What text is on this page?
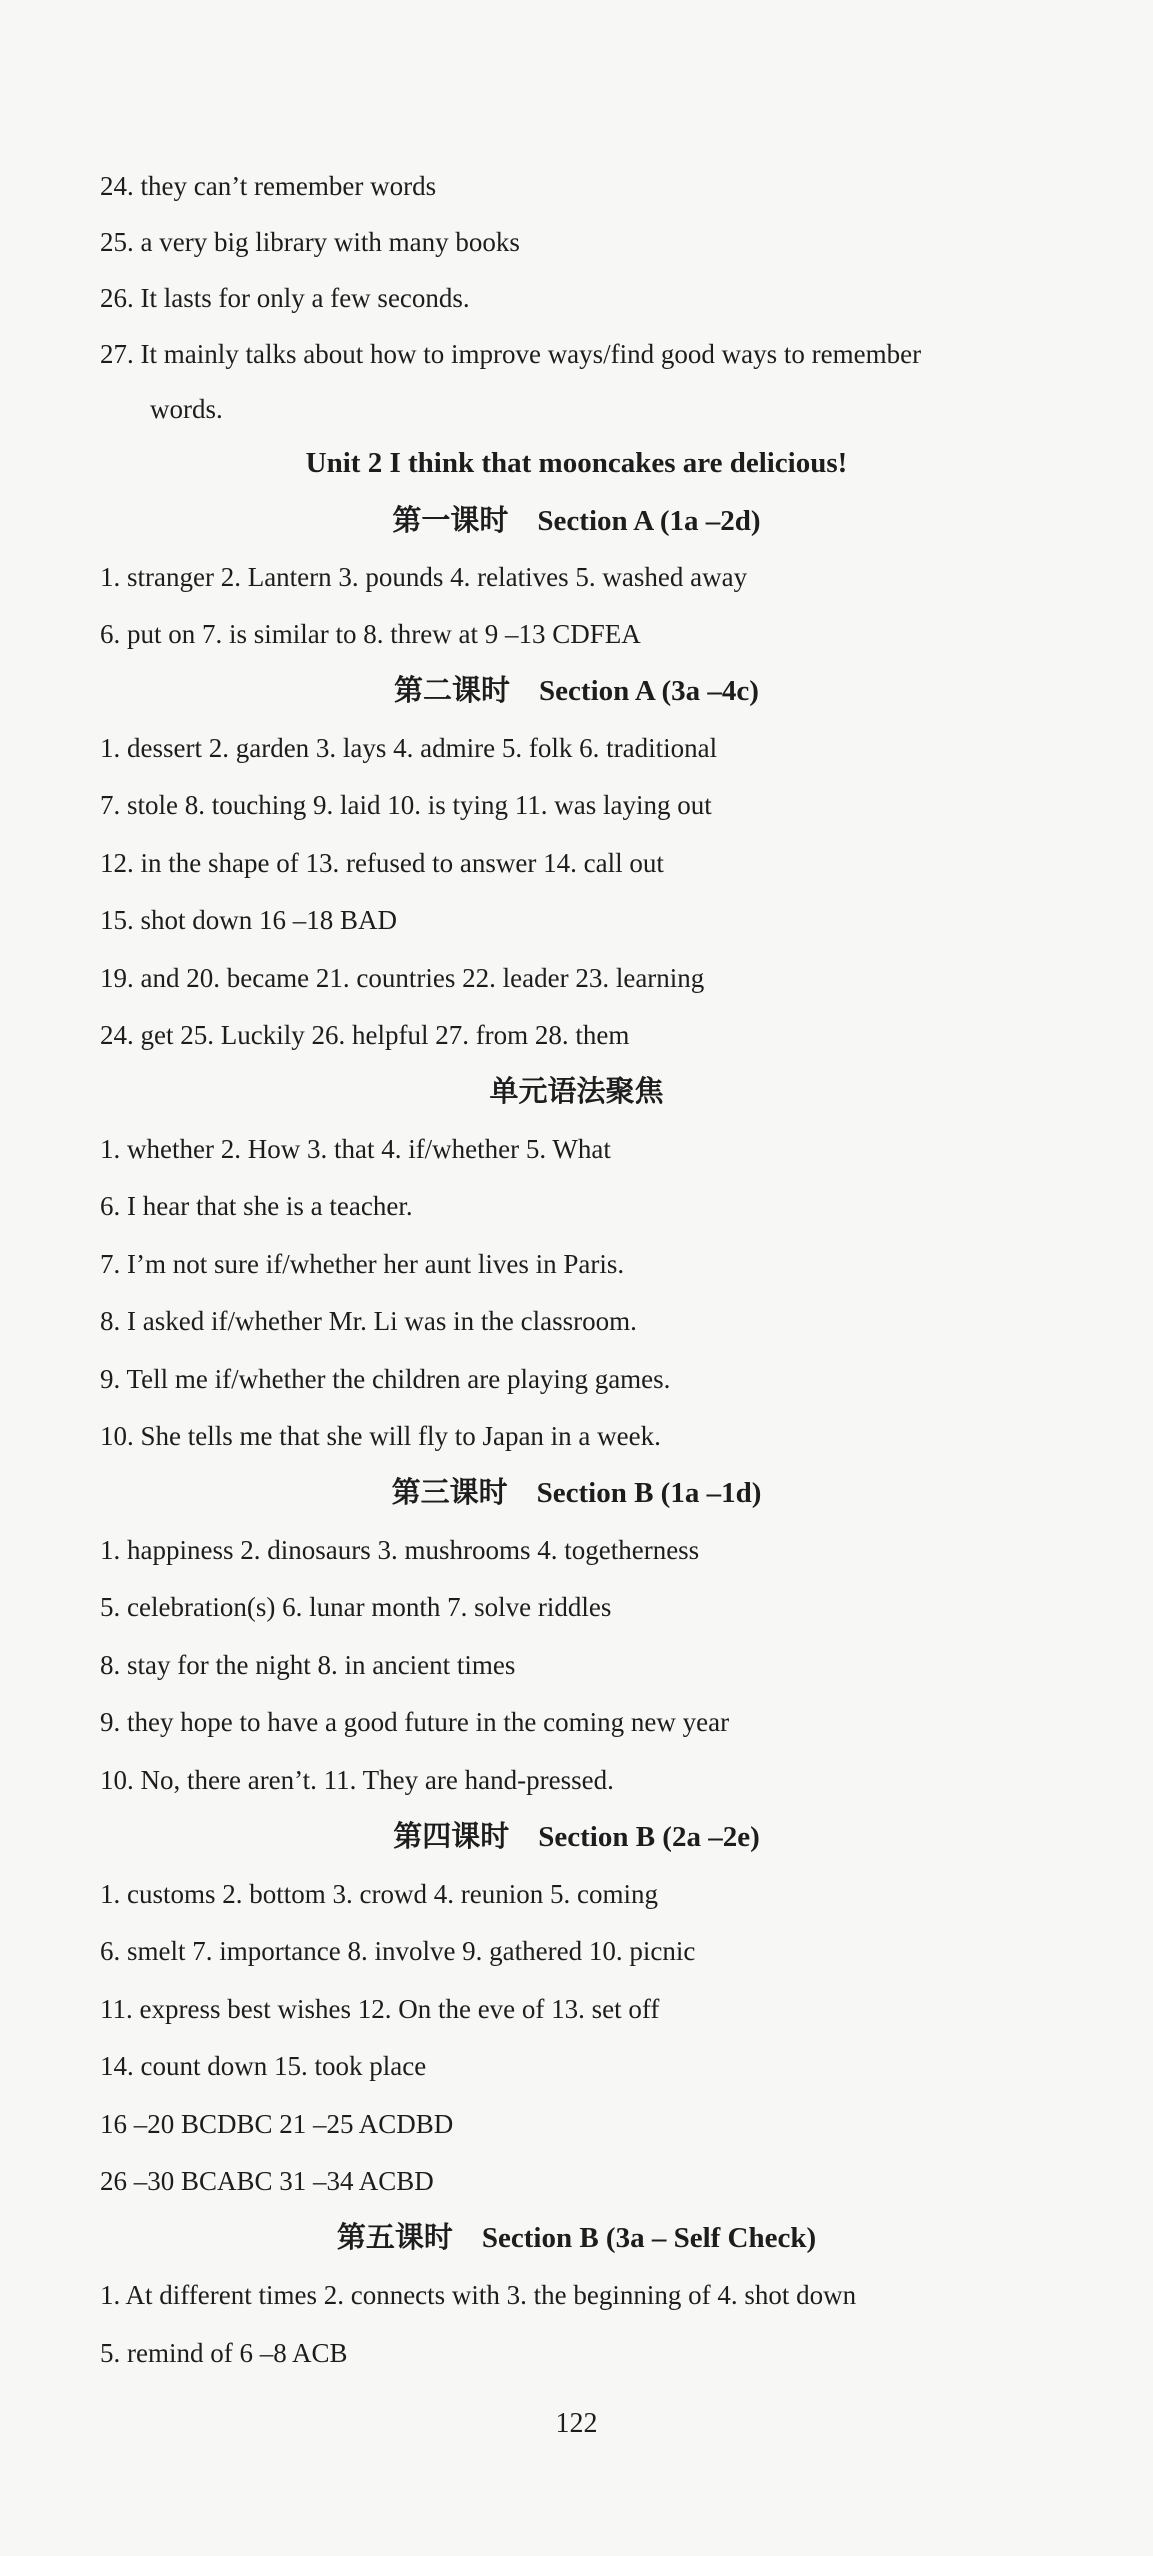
24. they can’t remember words
25. a very big library with many books
26. It lasts for only a few seconds.
27. It mainly talks about how to improve ways/find good ways to remember
words.
Unit 2 I think that mooncakes are delicious!
第一课时 Section A (1a –2d)
1. stranger 2. Lantern 3. pounds 4. relatives 5. washed away
6. put on 7. is similar to 8. threw at 9 –13 CDFEA
第二课时 Section A (3a –4c)
1. dessert 2. garden 3. lays 4. admire 5. folk 6. traditional
7. stole 8. touching 9. laid 10. is tying 11. was laying out
12. in the shape of 13. refused to answer 14. call out
15. shot down 16 –18 BAD
19. and 20. became 21. countries 22. leader 23. learning
24. get 25. Luckily 26. helpful 27. from 28. them
单元语法聚焦
1. whether 2. How 3. that 4. if/whether 5. What
6. I hear that she is a teacher.
7. I’m not sure if/whether her aunt lives in Paris.
8. I asked if/whether Mr. Li was in the classroom.
9. Tell me if/whether the children are playing games.
10. She tells me that she will fly to Japan in a week.
第三课时 Section B (1a –1d)
1. happiness 2. dinosaurs 3. mushrooms 4. togetherness
5. celebration(s) 6. lunar month 7. solve riddles
8. stay for the night 8. in ancient times
9. they hope to have a good future in the coming new year
10. No, there aren’t. 11. They are hand-pressed.
第四课时 Section B (2a –2e)
1. customs 2. bottom 3. crowd 4. reunion 5. coming
6. smelt 7. importance 8. involve 9. gathered 10. picnic
11. express best wishes 12. On the eve of 13. set off
14. count down 15. took place
16 –20 BCDBC 21 –25 ACDBD
26 –30 BCABC 31 –34 ACBD
第五课时 Section B (3a – Self Check)
1. At different times 2. connects with 3. the beginning of 4. shot down
5. remind of 6 –8 ACB
122
